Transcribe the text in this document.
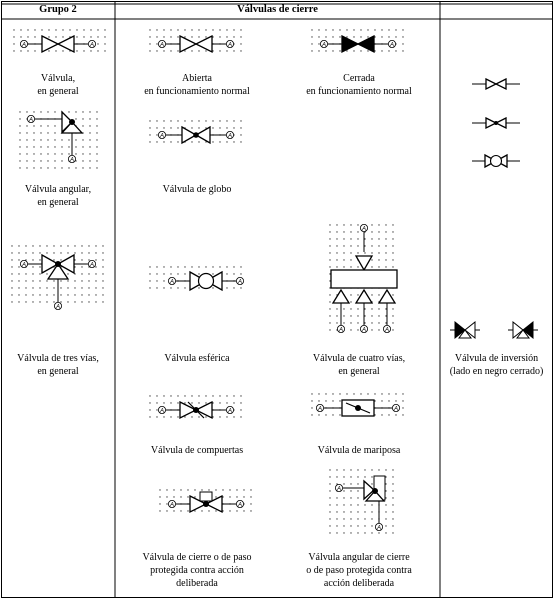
A	A
A
A
A	A
A
A	A
A	A
A	A
A	A
A	A
A	A
A
A	A	A
A	A
A
A
Grupo 2	Válvulas de cierre
Válvula,
en general
Válvula angular,
en general
Válvula de tres vías,
en general
Abierta
en funcionamiento normal
Válvula de globo
Válvula esférica
Válvula de compuertas
Válvula de cierre o de paso
protegida contra acción
deliberada
Cerrada
en funcionamiento normal
Válvula de cuatro vías,
en general
Válvula de mariposa
Válvula angular de cierre
o de paso protegida contra
acción deliberada
Válvula de inversión
(lado en negro cerrado)
